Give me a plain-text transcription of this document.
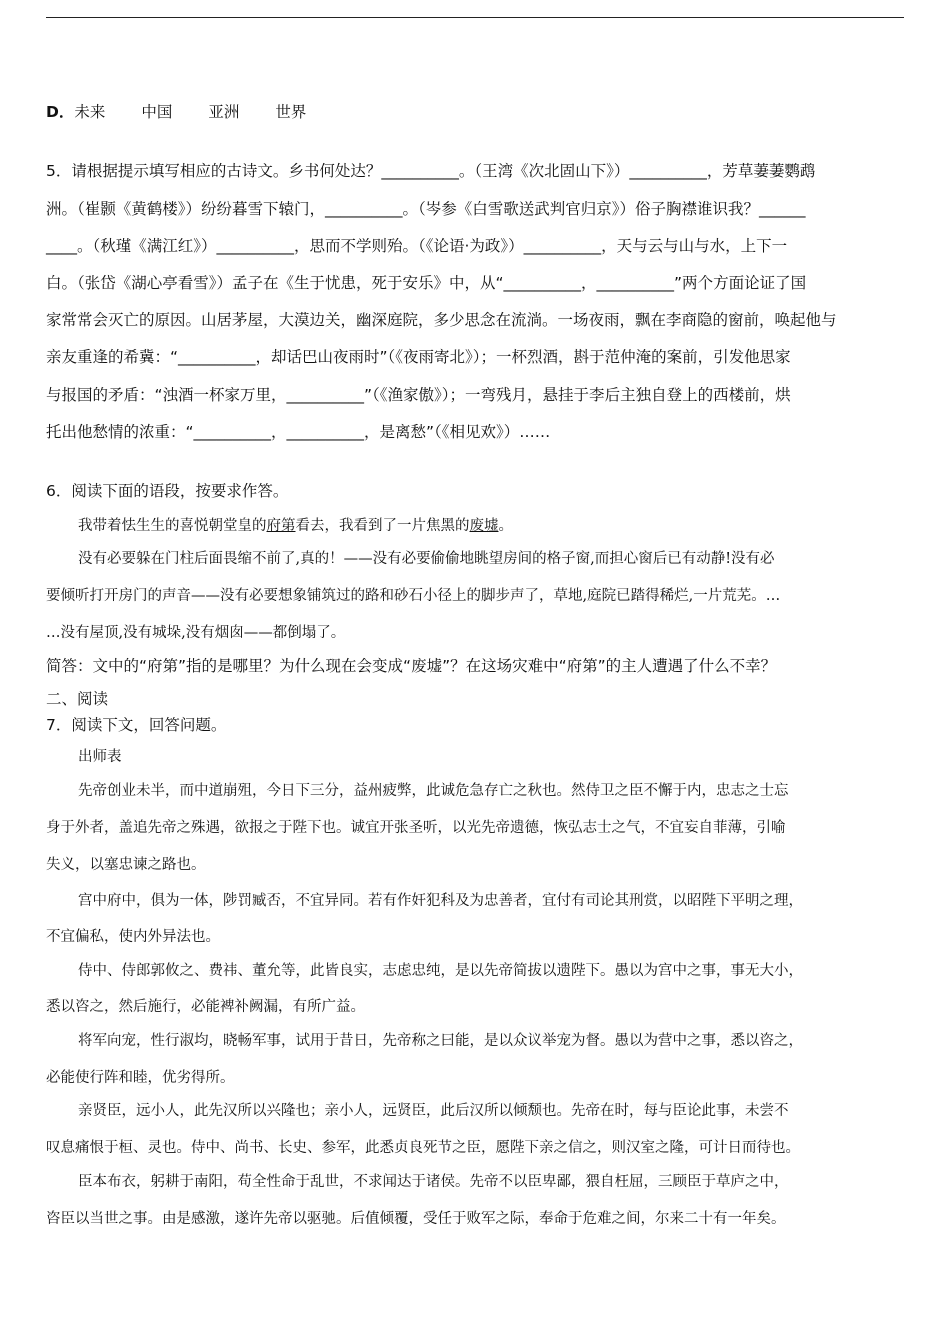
D．未来 中国 亚洲 世界
5．请根据提示填写相应的古诗文。乡书何处达？__________。（王湾《次北固山下》）__________，芳草萋萋鹦鹉
洲。（崔颢《黄鹤楼》）纷纷暮雪下辕门，__________。（岑参《白雪歌送武判官归京》）俗子胸襟谁识我？______
____。（秋瑾《满江红》）__________，思而不学则殆。（《论语·为政》）__________，天与云与山与水，上下一
白。（张岱《湖心亭看雪》）孟子在《生于忧患，死于安乐》中，从“__________，__________”两个方面论证了国
家常常会灭亡的原因。山居茅屋，大漠边关，幽深庭院，多少思念在流淌。一场夜雨，飘在李商隐的窗前，唤起他与
亲友重逢的希冀：“__________，却话巴山夜雨时”（《夜雨寄北》）；一杯烈酒，斟于范仲淹的案前，引发他思家
与报国的矛盾：“浊酒一杯家万里，__________”（《渔家傲》）；一弯残月，悬挂于李后主独自登上的西楼前，烘
托出他愁情的浓重：“__________，__________，是离愁”（《相见欢》）……
6．阅读下面的语段，按要求作答。
我带着怯生生的喜悦朝堂皇的府第看去，我看到了一片焦黑的废墟。
没有必要躲在门柱后面畏缩不前了,真的！——没有必要偷偷地眺望房间的格子窗,而担心窗后已有动静!没有必
要倾听打开房门的声音——没有必要想象铺筑过的路和砂石小径上的脚步声了，草地,庭院已踏得稀烂,一片荒芜。…
…没有屋顶,没有城垛,没有烟囱——都倒塌了。
简答：文中的“府第”指的是哪里？为什么现在会变成“废墟”？在这场灾难中“府第”的主人遭遇了什么不幸？
二、阅读
7．阅读下文，回答问题。
出师表
先帝创业未半，而中道崩殂，今日下三分，益州疲弊，此诚危急存亡之秋也。然侍卫之臣不懈于内，忠志之士忘
身于外者，盖追先帝之殊遇，欲报之于陛下也。诚宜开张圣听，以光先帝遗德，恢弘志士之气，不宜妄自菲薄，引喻
失义，以塞忠谏之路也。
宫中府中，俱为一体，陟罚臧否，不宜异同。若有作奸犯科及为忠善者，宜付有司论其刑赏，以昭陛下平明之理，
不宜偏私，使内外异法也。
侍中、侍郎郭攸之、费祎、董允等，此皆良实，志虑忠纯，是以先帝简拔以遗陛下。愚以为宫中之事，事无大小，
悉以咨之，然后施行，必能裨补阙漏，有所广益。
将军向宠，性行淑均，晓畅军事，试用于昔日，先帝称之曰能，是以众议举宠为督。愚以为营中之事，悉以咨之，
必能使行阵和睦，优劣得所。
亲贤臣，远小人，此先汉所以兴隆也；亲小人，远贤臣，此后汉所以倾颓也。先帝在时，每与臣论此事，未尝不
叹息痛恨于桓、灵也。侍中、尚书、长史、参军，此悉贞良死节之臣，愿陛下亲之信之，则汉室之隆，可计日而待也。
臣本布衣，躬耕于南阳，苟全性命于乱世，不求闻达于诸侯。先帝不以臣卑鄙，猥自枉屈，三顾臣于草庐之中，
咨臣以当世之事。由是感激，遂许先帝以驱驰。后值倾覆，受任于败军之际，奉命于危难之间，尔来二十有一年矣。
